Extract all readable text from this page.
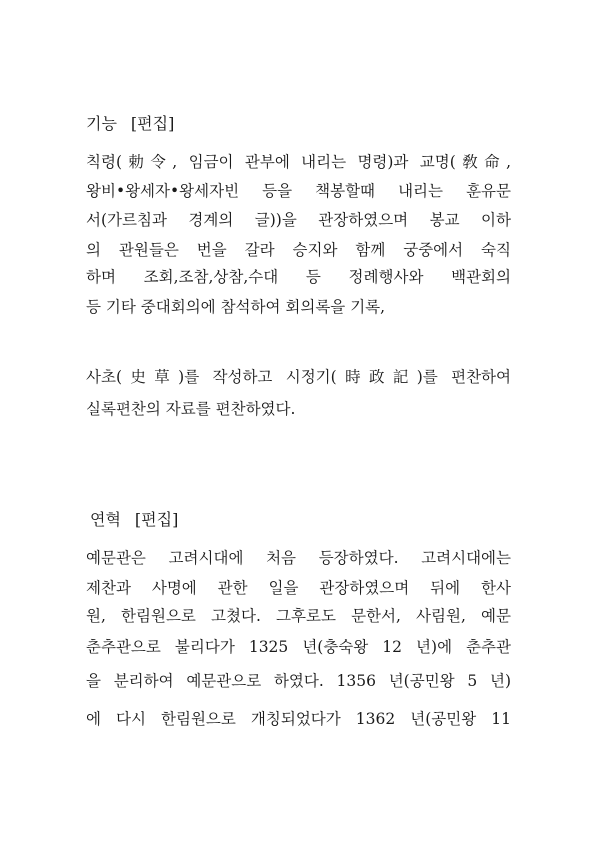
기능 [편집]
칙령(勅令, 임금이 관부에 내리는 명령)과 교명(敎命,
왕비•왕세자•왕세자빈 등을 책봉할때 내리는 훈유문
서(가르침과 경계의 글))을 관장하였으며 봉교 이하
의 관원들은 번을 갈라 승지와 함께 궁중에서 숙직
하며 조회,조참,상참,수대 등 정례행사와 백관회의
등 기타 중대회의에 참석하여 회의록을 기록,
사초(史草)를 작성하고 시정기(時政記)를 편찬하여
실록편찬의 자료를 편찬하였다.
연혁 [편집]
예문관은 고려시대에 처음 등장하였다. 고려시대에는
제찬과 사명에 관한 일을 관장하였으며 뒤에 한사
원, 한림원으로 고쳤다. 그후로도 문한서, 사림원, 예문
춘추관으로 불리다가 1325 년(충숙왕 12 년)에 춘추관
을 분리하여 예문관으로 하였다. 1356 년(공민왕 5 년)
에 다시 한림원으로 개칭되었다가 1362 년(공민왕 11
